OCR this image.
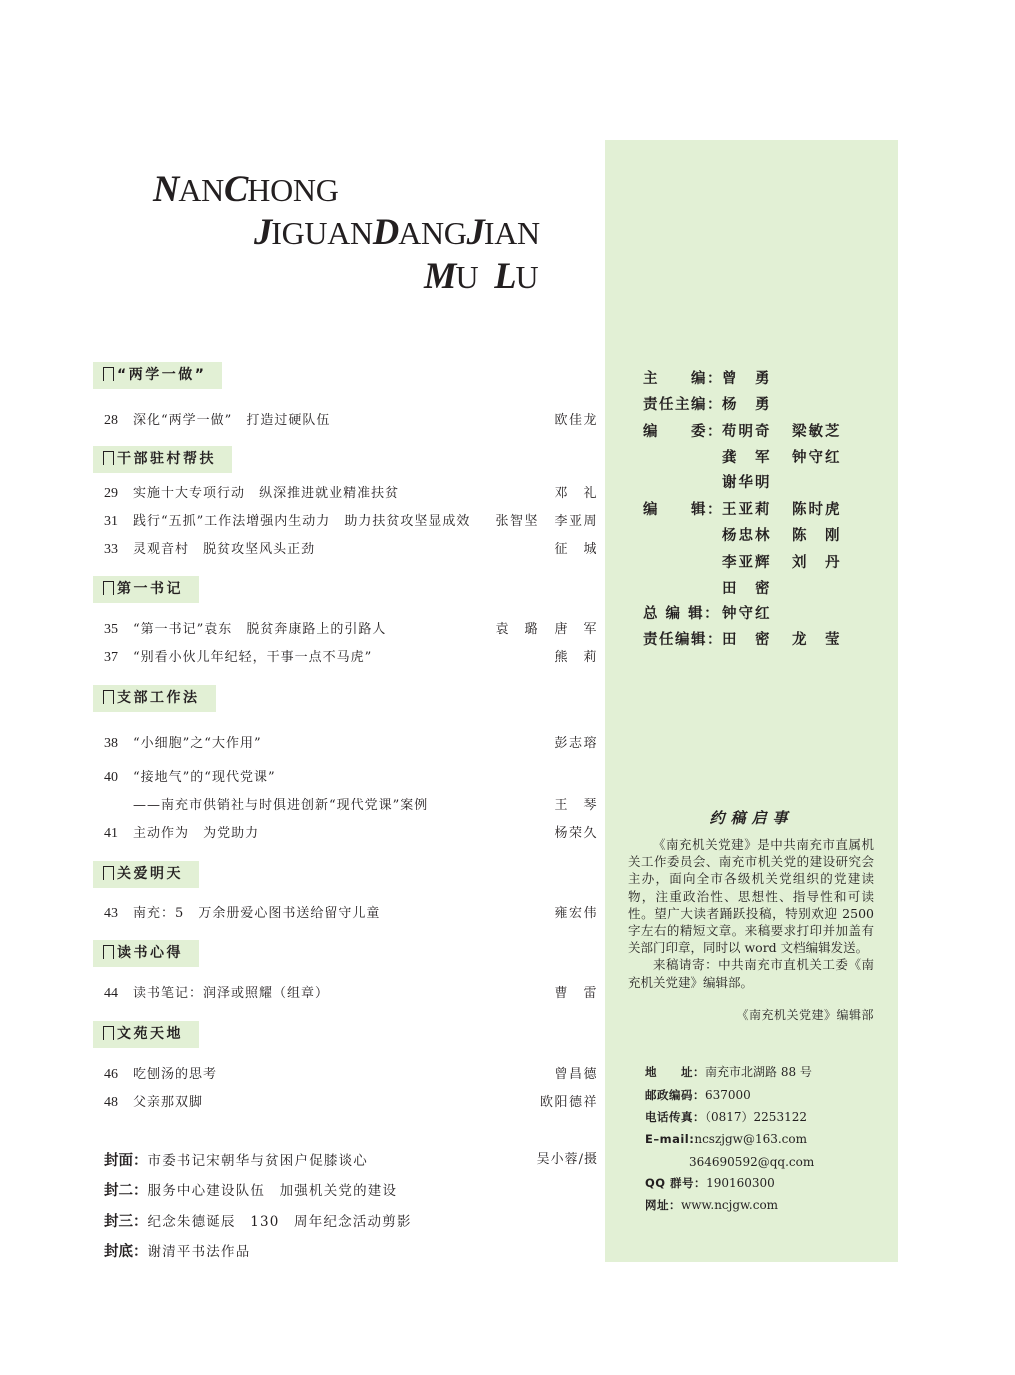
NANCHONG
JIGUANDANGJIAN
MU LU
“两学一做”
28 深化“两学一做” 打造过硬队伍	欧佳龙
干部驻村帮扶
29 实施十大专项行动 纵深推进就业精准扶贫	邓　礼
31 践行“五抓”工作法增强内生动力 助力扶贫攻坚显成效 张智坚 李亚周
33 灵观音村 脱贫攻坚风头正劲	征　城
第一书记
35 “第一书记”袁东 脱贫奔康路上的引路人	袁　璐 唐　军
37 “别看小伙儿年纪轻，干事一点不马虎”	熊　莉
支部工作法
38 “小细胞”之“大作用”	彭志瑢
40 “接地气”的“现代党课”
——南充市供销社与时俱进创新“现代党课”案例	王　琴
41 主动作为 为党助力	杨荣久
关爱明天
43 南充：5 万余册爱心图书送给留守儿童	雍宏伟
读书心得
44 读书笔记：润泽或照耀（组章）	曹　雷
文苑天地
46 吃刨汤的思考	曾昌德
48 父亲那双脚	欧阳德祥
封面：市委书记宋朝华与贫困户促膝谈心	吴小蓉/摄
封二：服务中心建设队伍 加强机关党的建设
封三：纪念朱德诞辰 130 周年纪念活动剪影
封底：谢清平书法作品
主　　编： 曾　勇
责任主编： 杨　勇
编　　委： 苟明奇 梁敏芝
龚　军 钟守红
谢华明
编　　辑： 王亚莉 陈时虎
杨忠林 陈　刚
李亚辉 刘　丹
田　密
总 编 辑： 钟守红
责任编辑： 田　密 龙　莹
约稿启事

《南充机关党建》是中共南充市直属机关工作委员会、南充市机关党的建设研究会主办，面向全市各级机关党组织的党建读物，注重政治性、思想性、指导性和可读性。望广大读者踊跃投稿，特别欢迎 2500 字左右的精短文章。来稿要求打印并加盖有关部门印章，同时以 word 文档编辑发送。

来稿请寄：中共南充市直机关工委《南充机关党建》编辑部。

《南充机关党建》编辑部
地　　址：南充市北湖路 88 号
邮政编码：637000
电话传真：（0817）2253122
E–mail:ncszjgw@163.com
364690592@qq.com
QQ 群号：190160300
网址：www.ncjgw.com
